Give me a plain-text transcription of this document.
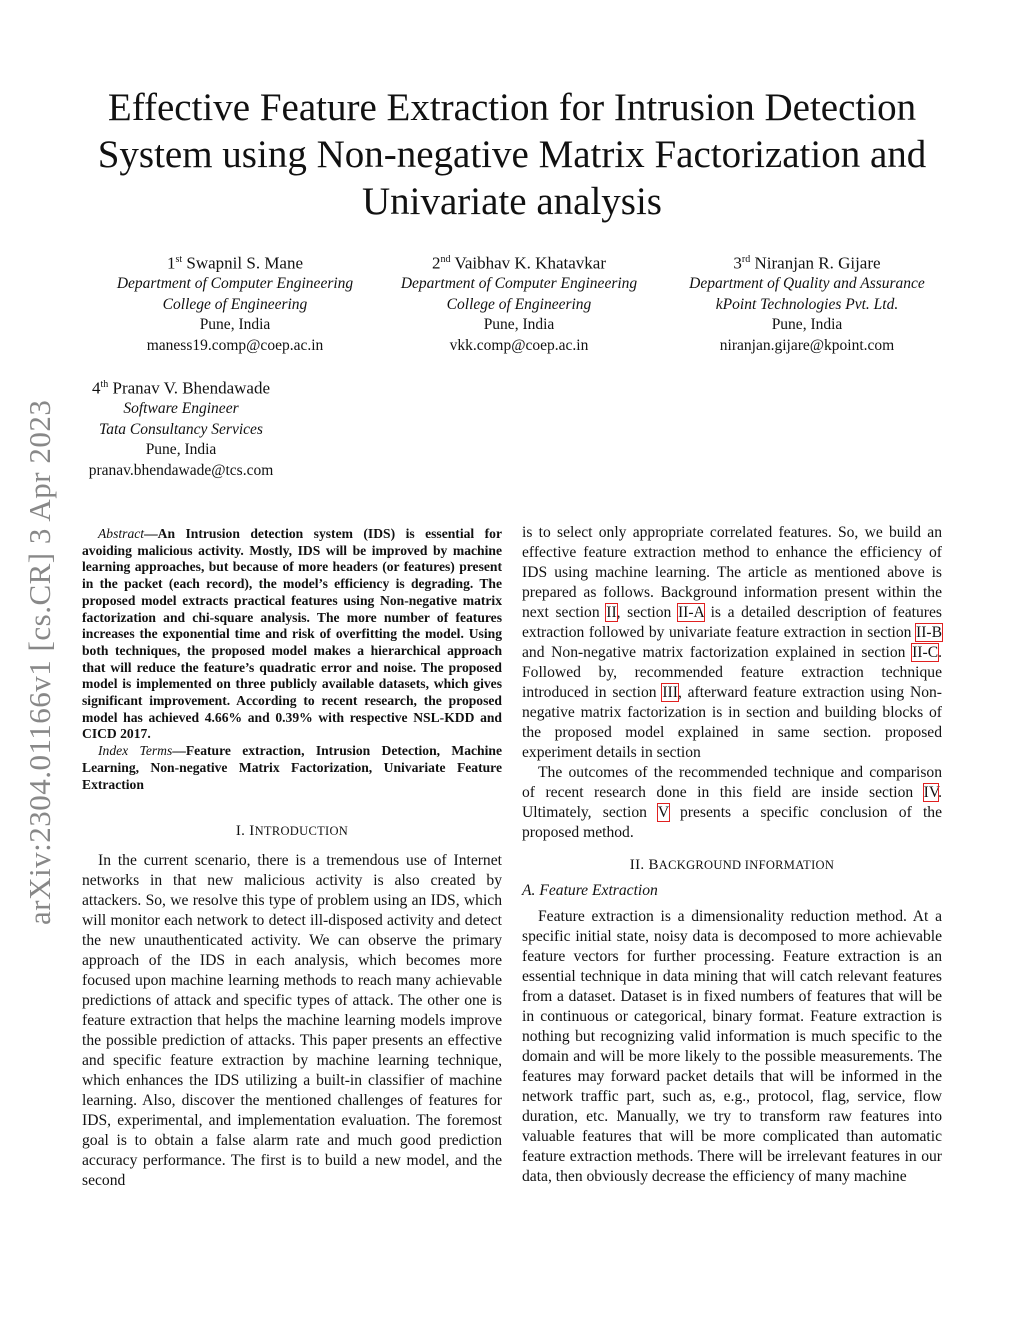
Effective Feature Extraction for Intrusion Detection System using Non-negative Matrix Factorization and Univariate analysis
1st Swapnil S. Mane
Department of Computer Engineering
College of Engineering
Pune, India
maness19.comp@coep.ac.in
2nd Vaibhav K. Khatavkar
Department of Computer Engineering
College of Engineering
Pune, India
vkk.comp@coep.ac.in
3rd Niranjan R. Gijare
Department of Quality and Assurance
kPoint Technologies Pvt. Ltd.
Pune, India
niranjan.gijare@kpoint.com
4th Pranav V. Bhendawade
Software Engineer
Tata Consultancy Services
Pune, India
pranav.bhendawade@tcs.com
arXiv:2304.01166v1 [cs.CR] 3 Apr 2023	Abstract—An Intrusion detection system (IDS) is essential for avoiding malicious activity. Mostly, IDS will be improved by machine learning approaches, but because of more headers (or features) present in the packet (each record), the model’s efficiency is degrading. The proposed model extracts practical features using Non-negative matrix factorization and chi-square analysis. The more number of features increases the exponential time and risk of overfitting the model. Using both techniques, the proposed model makes a hierarchical approach that will reduce the feature’s quadratic error and noise. The proposed model is implemented on three publicly available datasets, which gives significant improvement. According to recent research, the proposed model has achieved 4.66% and 0.39% with respective NSL-KDD and CICD 2017.

Index Terms—Feature extraction, Intrusion Detection, Machine Learning, Non-negative Matrix Factorization, Univariate Feature Extraction

I. INTRODUCTION

In the current scenario, there is a tremendous use of Internet networks in that new malicious activity is also created by attackers. So, we resolve this type of problem using an IDS, which will monitor each network to detect ill-disposed activity and detect the new unauthenticated activity. We can observe the primary approach of the IDS in each analysis, which becomes more focused upon machine learning methods to reach many achievable predictions of attack and specific types of attack. The other one is feature extraction that helps the machine learning models improve the possible prediction of attacks. This paper presents an effective and specific feature extraction by machine learning technique, which enhances the IDS utilizing a built-in classifier of machine learning. Also, discover the mentioned challenges of features for IDS, experimental, and implementation evaluation. The foremost goal is to obtain a false alarm rate and much good prediction accuracy performance. The first is to build a new model, and the second

is to select only appropriate correlated features. So, we build an effective feature extraction method to enhance the efficiency of IDS using machine learning. The article as mentioned above is prepared as follows. Background information present within the next section II, section II-A is a detailed description of features extraction followed by univariate feature extraction in section II-B and Non-negative matrix factorization explained in section II-C. Followed by, recommended feature extraction technique introduced in section III, afterward feature extraction using Non-negative matrix factorization is in section and building blocks of the proposed model explained in same section. proposed experiment details in section

The outcomes of the recommended technique and comparison of recent research done in this field are inside section IV. Ultimately, section V presents a specific conclusion of the proposed method.

II. BACKGROUND INFORMATION
A. Feature Extraction

Feature extraction is a dimensionality reduction method. At a specific initial state, noisy data is decomposed to more achievable feature vectors for further processing. Feature extraction is an essential technique in data mining that will catch relevant features from a dataset. Dataset is in fixed numbers of features that will be in continuous or categorical, binary format. Feature extraction is nothing but recognizing valid information is much specific to the domain and will be more likely to the possible measurements. The features may forward packet details that will be informed in the network traffic part, such as, e.g., protocol, flag, service, flow duration, etc. Manually, we try to transform raw features into valuable features that will be more complicated than automatic feature extraction methods. There will be irrelevant features in our data, then obviously decrease the efficiency of many machine
